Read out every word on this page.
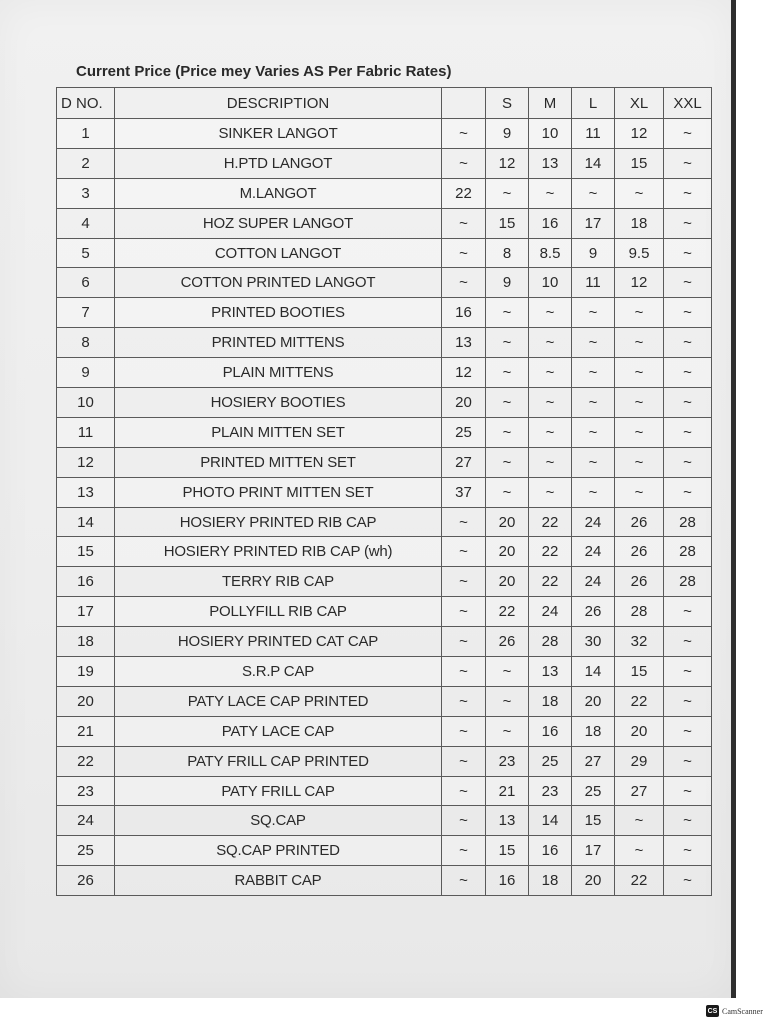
Current Price (Price mey Varies AS Per Fabric Rates)
D NO.	DESCRIPTION		S	M	L	XL	XXL
1	SINKER LANGOT	~	9	10	11	12	~
2	H.PTD LANGOT	~	12	13	14	15	~
3	M.LANGOT	22	~	~	~	~	~
4	HOZ SUPER LANGOT	~	15	16	17	18	~
5	COTTON LANGOT	~	8	8.5	9	9.5	~
6	COTTON PRINTED LANGOT	~	9	10	11	12	~
7	PRINTED BOOTIES	16	~	~	~	~	~
8	PRINTED MITTENS	13	~	~	~	~	~
9	PLAIN MITTENS	12	~	~	~	~	~
10	HOSIERY BOOTIES	20	~	~	~	~	~
11	PLAIN MITTEN SET	25	~	~	~	~	~
12	PRINTED MITTEN SET	27	~	~	~	~	~
13	PHOTO PRINT MITTEN SET	37	~	~	~	~	~
14	HOSIERY PRINTED RIB CAP	~	20	22	24	26	28
15	HOSIERY PRINTED RIB CAP (wh)	~	20	22	24	26	28
16	TERRY RIB CAP	~	20	22	24	26	28
17	POLLYFILL RIB CAP	~	22	24	26	28	~
18	HOSIERY PRINTED CAT CAP	~	26	28	30	32	~
19	S.R.P CAP	~	~	13	14	15	~
20	PATY LACE CAP PRINTED	~	~	18	20	22	~
21	PATY LACE CAP	~	~	16	18	20	~
22	PATY FRILL CAP PRINTED	~	23	25	27	29	~
23	PATY FRILL CAP	~	21	23	25	27	~
24	SQ.CAP	~	13	14	15	~	~
25	SQ.CAP PRINTED	~	15	16	17	~	~
26	RABBIT CAP	~	16	18	20	22	~
CS CamScanner
